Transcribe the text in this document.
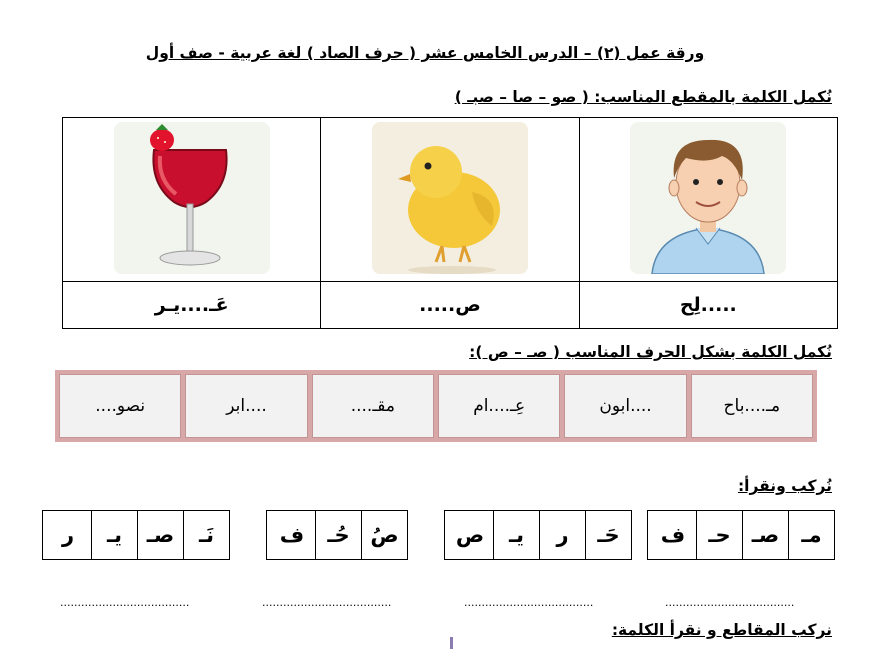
ورقة عمل (٢) – الدرس الخامس عشر ( حرف الصاد ) لغة عربية - صف أول
نُكمل الكلمة بالمقطع المناسب: ( صو – صا – صبـ )

عَـ....يـر	ص.....	.....لِح
نُكمل الكلمة بشكل الحرف المناسب ( صـ – ص ):
مـ....باح
....ابون
عِـ....ام
مقـ....
....ابر
نصو....
نُركب ونقرأ:
مـ
صـ
حـ
ف
حَـ
ر
يـ
ص
صُ
حُـ
ف
نَـ
صـ
يـ
ر
.....................................
.....................................
.....................................
.....................................
نركب المقاطع و نقرأ الكلمة:
